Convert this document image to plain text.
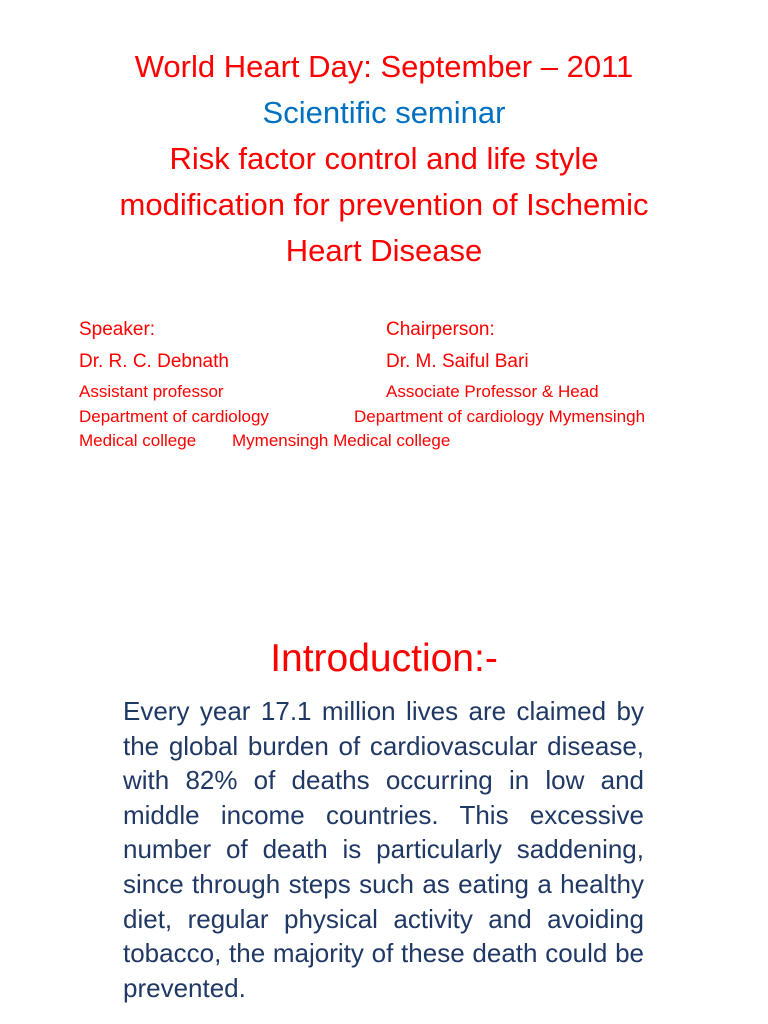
World Heart Day: September – 2011
Scientific seminar
Risk factor control and life style
modification for prevention of Ischemic
Heart Disease
Speaker:
Dr. R. C. Debnath
Assistant professor
Department of cardiology
Medical college
Chairperson:
Dr. M. Saiful Bari
Associate Professor & Head
Department of cardiology Mymensingh
Mymensingh Medical college
Introduction:-
Every year 17.1 million lives are claimed by the global burden of cardiovascular disease, with 82% of deaths occurring in low and middle income countries. This excessive number of death is particularly saddening, since through steps such as eating a healthy diet, regular physical activity and avoiding tobacco, the majority of these death could be prevented.
